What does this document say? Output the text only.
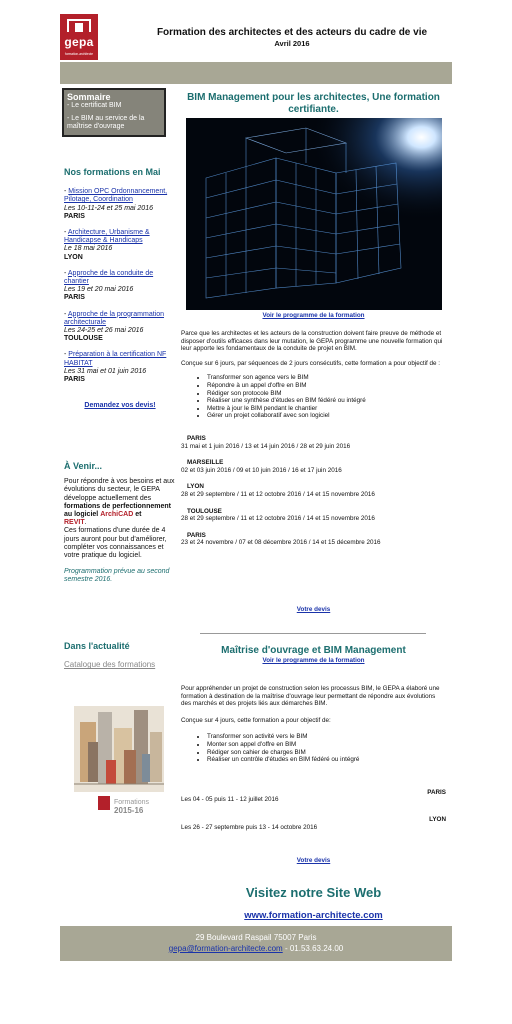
gepa
formation-architecte
Formation des architectes et des acteurs du cadre de vie
Avril 2016
Sommaire
- Le certificat BIM
- Le BIM au service de la maîtrise d'ouvrage
Nos formations en Mai
- Mission OPC Ordonnancement, Pilotage, Coordination
Les 10-11-24 et 25 mai 2016
PARIS
- Architecture, Urbanisme & Handicapse & Handicaps
Le 18 mai 2016
LYON
- Approche de la conduite de chantier
Les 19 et 20 mai 2016
PARIS
- Approche de la programmation architecturale
Les 24-25 et 26 mai 2016
TOULOUSE
- Préparation à la certification NF HABITAT
Les 31 mai et 01 juin 2016
PARIS
Demandez vos devis!
À Venir...
Pour répondre à vos besoins et aux évolutions du secteur, le GEPA développe actuellement des formations de perfectionnement au logiciel ArchiCAD et
REVIT.
Ces formations d'une durée de 4 jours auront pour but d'améliorer, compléter vos connaissances et votre pratique du logiciel.
Programmation prévue au second semestre 2016.
Dans l'actualité
Catalogue des formations
Formations
2015-16
BIM Management pour les architectes, Une formation certifiante.
Voir le programme de la formation
Parce que les architectes et les acteurs de la construction doivent faire preuve de méthode et disposer d'outils efficaces dans leur mutation, le GEPA programme une nouvelle formation qui leur apporte les fondamentaux de la conduite de projet en BIM.
Conçue sur 6 jours, par séquences de 2 jours consécutifs, cette formation a pour objectif de :
• Transformer son agence vers le BIM
• Répondre à un appel d'offre en BIM
• Rédiger son protocole BIM
• Réaliser une synthèse d'études en BIM fédéré ou intégré
• Mettre à jour le BIM pendant le chantier
• Gérer un projet collaboratif avec son logiciel
PARIS
31 mai et 1 juin 2016 / 13 et 14 juin 2016 / 28 et 29 juin 2016
MARSEILLE
02 et 03 juin 2016 / 09 et 10 juin 2016 / 16 et 17 juin 2016
LYON
28 et 29 septembre / 11 et 12 octobre 2016 / 14 et 15 novembre 2016
TOULOUSE
28 et 29 septembre / 11 et 12 octobre 2016 / 14 et 15 novembre 2016
PARIS
23 et 24 novembre / 07 et 08 décembre 2016 / 14 et 15 décembre 2016
Votre devis
Maîtrise d'ouvrage et BIM Management
Voir le programme de la formation
Pour appréhender un projet de construction selon les processus BIM, le GEPA a élaboré une formation à destination de la maîtrise d'ouvrage leur permettant de répondre aux évolutions des marchés et des projets liés aux démarches BIM.
Conçue sur 4 jours, cette formation a pour objectif de:
• Transformer son activité vers le BIM
• Monter son appel d'offre en BIM
• Rédiger son cahier de charges BIM
• Réaliser un contrôle d'études en BIM fédéré ou intégré
PARIS
Les 04 - 05 puis 11 - 12 juillet 2016
LYON
Les 26 - 27 septembre puis 13 - 14 octobre 2016
Votre devis
Visitez notre Site Web
www.formation-architecte.com
29 Boulevard Raspail 75007 Paris
gepa@formation-architecte.com - 01.53.63.24.00
